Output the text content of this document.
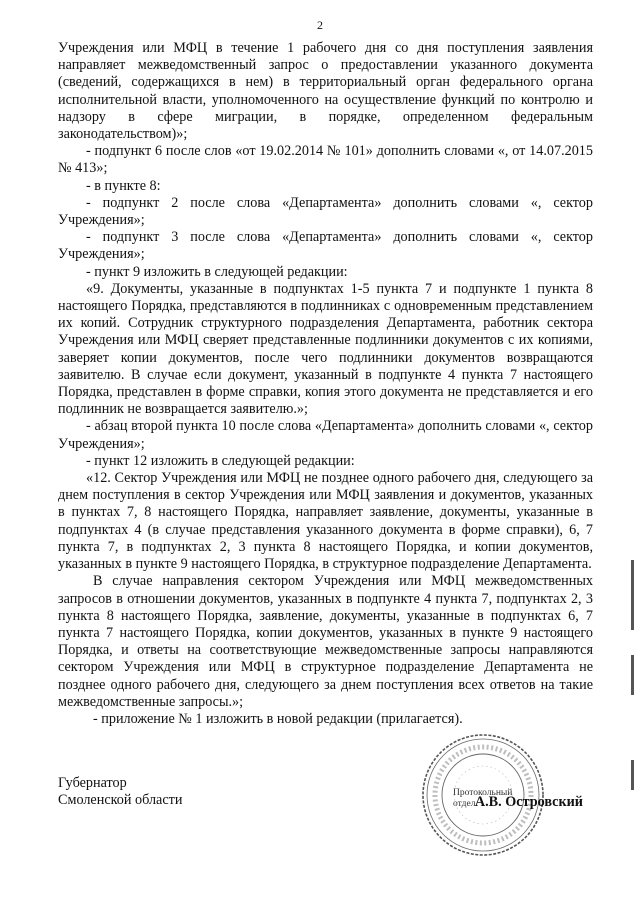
2

Учреждения или МФЦ в течение 1 рабочего дня со дня поступления заявления направляет межведомственный запрос о предоставлении указанного документа (сведений, содержащихся в нем) в территориальный орган федерального органа исполнительной власти, уполномоченного на осуществление функций по контролю и надзору в сфере миграции, в порядке, определенном федеральным законодательством)»;

- подпункт 6 после слов «от 19.02.2014 № 101» дополнить словами «, от 14.07.2015 № 413»;

- в пункте 8:

- подпункт 2 после слова «Департамента» дополнить словами «, сектор Учреждения»;

- подпункт 3 после слова «Департамента» дополнить словами «, сектор Учреждения»;

- пункт 9 изложить в следующей редакции:

«9. Документы, указанные в подпунктах 1-5 пункта 7 и подпункте 1 пункта 8 настоящего Порядка, представляются в подлинниках с одновременным представлением их копий. Сотрудник структурного подразделения Департамента, работник сектора Учреждения или МФЦ сверяет представленные подлинники документов с их копиями, заверяет копии документов, после чего подлинники документов возвращаются заявителю. В случае если документ, указанный в подпункте 4 пункта 7 настоящего Порядка, представлен в форме справки, копия этого документа не представляется и его подлинник не возвращается заявителю.»;

- абзац второй пункта 10 после слова «Департамента» дополнить словами «, сектор Учреждения»;

- пункт 12 изложить в следующей редакции:

«12. Сектор Учреждения или МФЦ не позднее одного рабочего дня, следующего за днем поступления в сектор Учреждения или МФЦ заявления и документов, указанных в пунктах 7, 8 настоящего Порядка, направляет заявление, документы, указанные в подпунктах 4 (в случае представления указанного документа в форме справки), 6, 7 пункта 7, в подпунктах 2, 3 пункта 8 настоящего Порядка, и копии документов, указанных в пункте 9 настоящего Порядка, в структурное подразделение Департамента.

В случае направления сектором Учреждения или МФЦ межведомственных запросов в отношении документов, указанных в подпункте 4 пункта 7, подпунктах 2, 3 пункта 8 настоящего Порядка, заявление, документы, указанные в подпунктах 6, 7 пункта 7 настоящего Порядка, копии документов, указанных в пункте 9 настоящего Порядка, и ответы на соответствующие межведомственные запросы направляются сектором Учреждения или МФЦ в структурное подразделение Департамента не позднее одного рабочего дня, следующего за днем поступления всех ответов на такие межведомственные запросы.»;

- приложение № 1 изложить в новой редакции (прилагается).

Протокольный
отдел
Губернатор
Смоленской области	А.В. Островский
